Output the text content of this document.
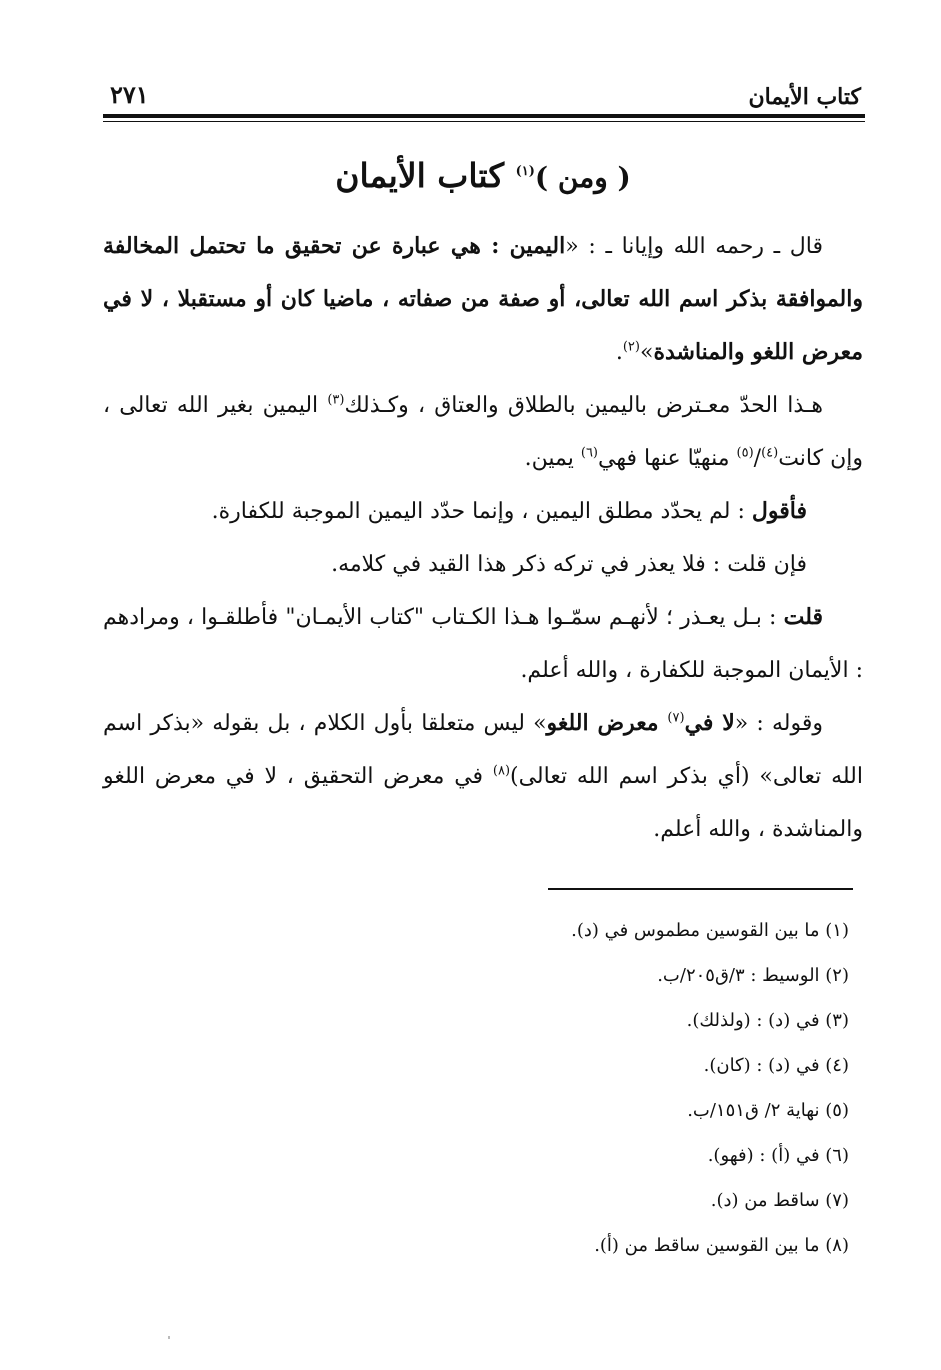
كتاب الأيمان
٢٧١
( ومن )$^{(١)}$ كتاب الأيمان

قال ـ رحمه الله وإيانا ـ : «اليمين : هي عبارة عن تحقيق ما تحتمل المخالفة والموافقة بذكر اسم الله تعالى، أو صفة من صفاته ، ماضيا كان أو مستقبلا ، لا في معرض اللغو والمناشدة»$^{(٢)}$.

هـذا الحدّ معـترض باليمين بالطلاق والعتاق ، وكـذلك$^{(٣)}$ اليمين بغير الله تعالى ، وإن كانت$^{(٤)}$/$^{(٥)}$ منهيّا عنها فهي$^{(٦)}$ يمين.

فأقول : لم يحدّد مطلق اليمين ، وإنما حدّد اليمين الموجبة للكفارة.

فإن قلت : فلا يعذر في تركه ذكر هذا القيد في كلامه.

قلت : بـل يعـذر ؛ لأنهـم سمّـوا هـذا الكـتاب "كتاب الأيمـان" فأطلقـوا ، ومرادهم : الأيمان الموجبة للكفارة ، والله أعلم.

وقوله : «لا في$^{(٧)}$ معرض اللغو» ليس متعلقا بأول الكلام ، بل بقوله «بذكر اسم الله تعالى» (أي بذكر اسم الله تعالى)$^{(٨)}$ في معرض التحقيق ، لا في معرض اللغو والمناشدة ، والله أعلم.

(١) ما بين القوسين مطموس في (د).
(٢) الوسيط : ٣/ق٢٠٥/ب.
(٣) في (د) : (ولذلك).
(٤) في (د) : (كان).
(٥) نهاية ٢/ ق١٥١/ب.
(٦) في (أ) : (فهو).
(٧) ساقط من (د).
(٨) ما بين القوسين ساقط من (أ).
